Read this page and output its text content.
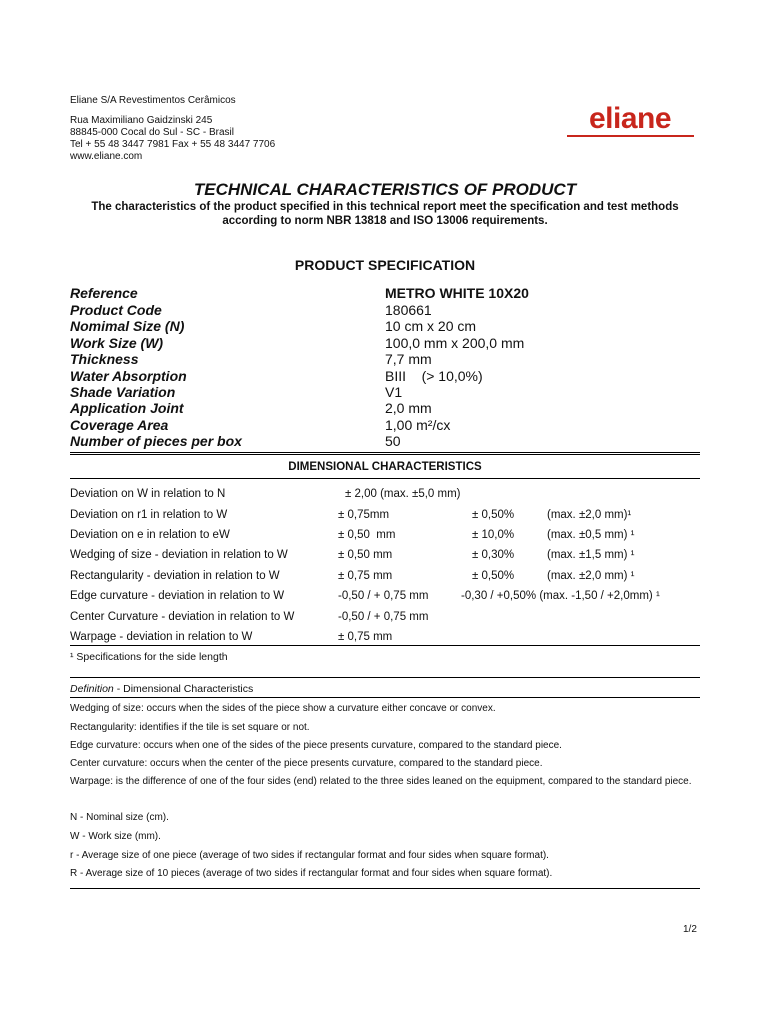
Eliane S/A Revestimentos Cerâmicos
Rua Maximiliano Gaidzinski 245
88845-000 Cocal do Sul - SC - Brasil
Tel + 55 48 3447 7981 Fax + 55 48 3447 7706
www.eliane.com
eliane
TECHNICAL CHARACTERISTICS OF PRODUCT
The characteristics of the product specified in this technical report meet the specification and test methods according to norm NBR 13818 and ISO 13006 requirements.
PRODUCT SPECIFICATION
Reference	METRO WHITE 10X20
Product Code	180661
Nomimal Size (N)	10 cm x 20 cm
Work Size (W)	100,0 mm x 200,0 mm
Thickness	7,7 mm
Water Absorption	BIII    (> 10,0%)
Shade Variation	V1
Application Joint	2,0 mm
Coverage Area	1,00 m²/cx
Number of pieces per box	50
DIMENSIONAL CHARACTERISTICS
Deviation on W in relation to N	± 2,00 (max. ±5,0 mm)
Deviation on r1 in relation to W	± 0,75mm	± 0,50%	(max. ±2,0 mm)¹
Deviation on e in relation to eW	± 0,50  mm	± 10,0%	(max. ±0,5 mm) ¹
Wedging of size - deviation in relation to W	± 0,50 mm	± 0,30%	(max. ±1,5 mm) ¹
Rectangularity - deviation in relation to W	± 0,75 mm	± 0,50%	(max. ±2,0 mm) ¹
Edge curvature - deviation in relation to W	-0,50 / + 0,75 mm	-0,30 / +0,50% (max. -1,50 / +2,0mm) ¹
Center Curvature - deviation in relation to W	-0,50 / + 0,75 mm
Warpage - deviation in relation to W	± 0,75 mm
¹ Specifications for the side length
Definition - Dimensional Characteristics
Wedging of size: occurs when the sides of the piece show a curvature either concave or convex.
Rectangularity: identifies if the tile is set square or not.
Edge curvature: occurs when one of the sides of the piece presents curvature, compared to the standard piece.
Center curvature: occurs when the center of the piece presents curvature, compared to the standard piece.
Warpage: is the difference of one of the four sides (end) related to the three sides leaned on the equipment, compared to the standard piece.
N - Nominal size (cm).
W - Work size (mm).
r - Average size of one piece (average of two sides if rectangular format and four sides when square format).
R - Average size of 10 pieces (average of two sides if rectangular format and four sides when square format).
1/2
